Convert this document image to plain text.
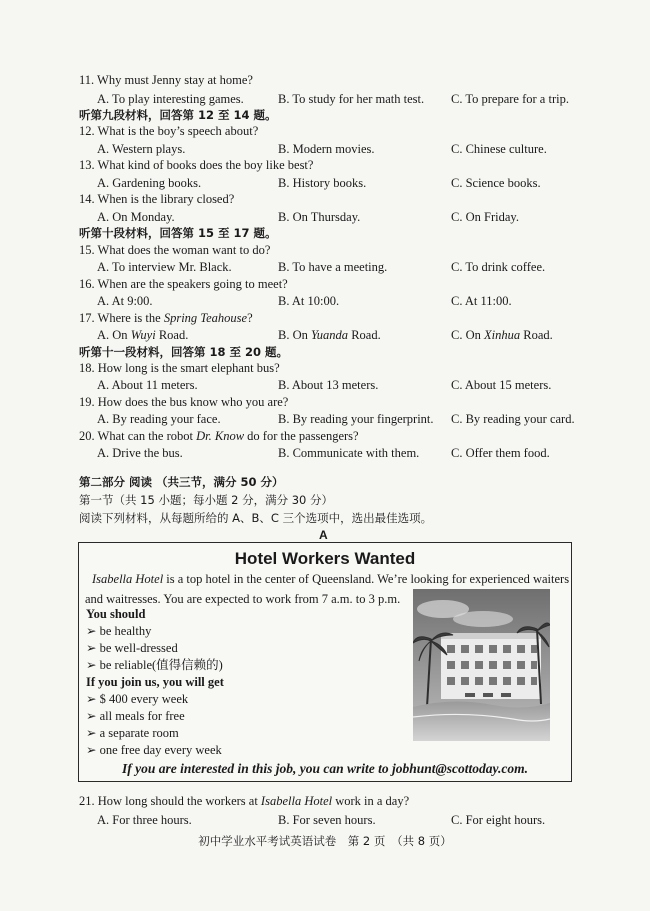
11. Why must Jenny stay at home?
A. To play interesting games.	B. To study for her math test. C. To prepare for a trip.
听第九段材料，回答第 12 至 14 题。
12. What is the boy’s speech about?
A. Western plays.	B. Modern movies.	C. Chinese culture.
13. What kind of books does the boy like best?
A. Gardening books.	B. History books.	C. Science books.
14. When is the library closed?
A. On Monday.	B. On Thursday.	C. On Friday.
听第十段材料，回答第 15 至 17 题。
15. What does the woman want to do?
A. To interview Mr. Black.	B. To have a meeting.	C. To drink coffee.
16. When are the speakers going to meet?
A. At 9:00.	B. At 10:00.	C. At 11:00.
17. Where is the Spring Teahouse?
A. On Wuyi Road.	B. On Yuanda Road.	C. On Xinhua Road.
听第十一段材料，回答第 18 至 20 题。
18. How long is the smart elephant bus?
A. About 11 meters.	B. About 13 meters.	C. About 15 meters.
19. How does the bus know who you are?
A. By reading your face.	B. By reading your fingerprint. C. By reading your card.
20. What can the robot Dr. Know do for the passengers?
A. Drive the bus.	B. Communicate with them.	C. Offer them food.
第二部分 阅读 （共三节，满分 50 分）
第一节（共 15 小题；每小题 2 分，满分 30 分）
阅读下列材料，从每题所给的 A、B、C 三个选项中，选出最佳选项。
A
Hotel Workers Wanted
Isabella Hotel is a top hotel in the center of Queensland. We’re looking for experienced waiters
and waitresses. You are expected to work from 7 a.m. to 3 p.m.
You should
➢ be healthy
➢ be well-dressed
➢ be reliable(值得信赖的)
If you join us, you will get
➢ $ 400 every week
➢ all meals for free
➢ a separate room
➢ one free day every week
If you are interested in this job, you can write to jobhunt@scottoday.com.
21. How long should the workers at Isabella Hotel work in a day?
A. For three hours.	B. For seven hours.	C. For eight hours.
初中学业水平考试英语试卷　第 2 页　（共 8 页）
